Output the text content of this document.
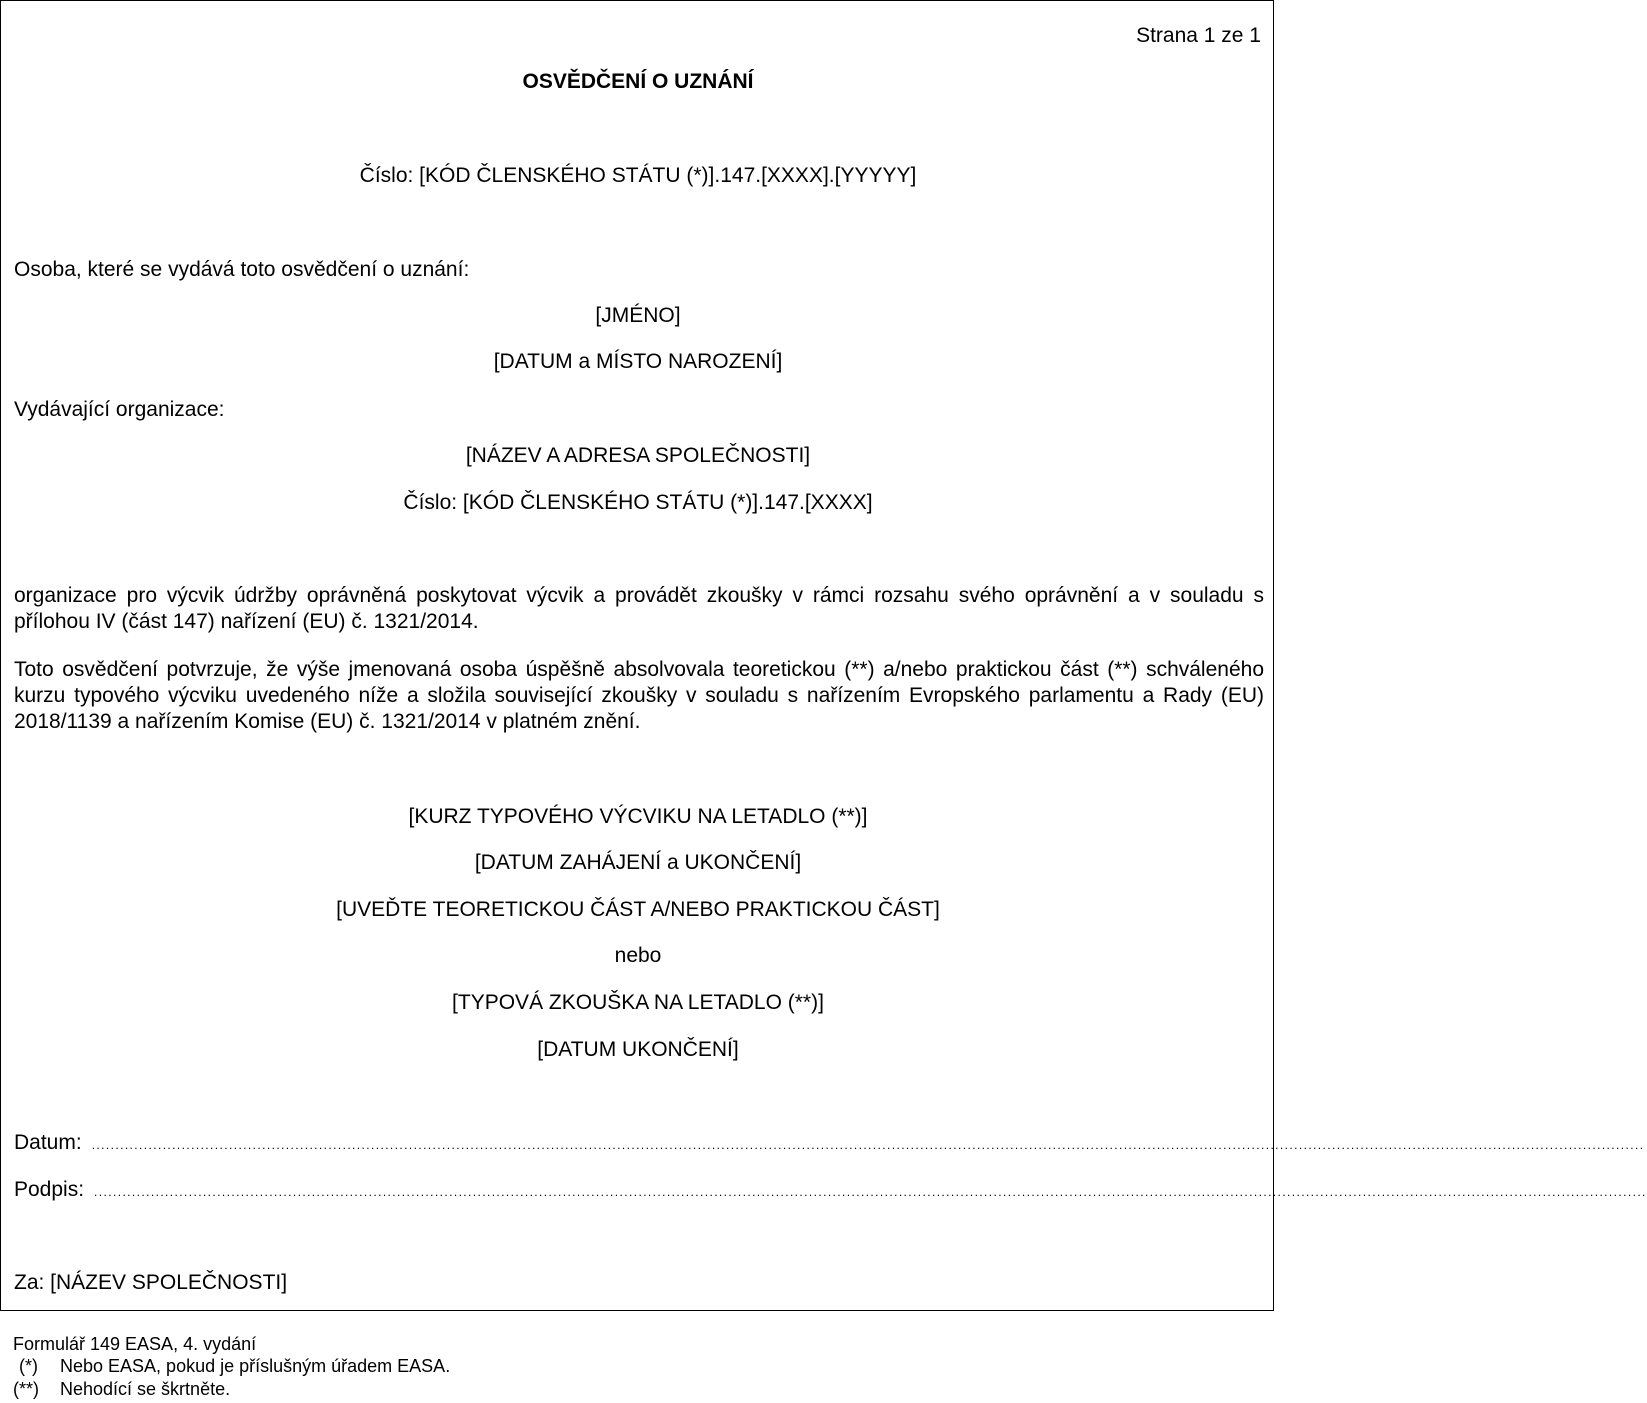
Strana 1 ze 1
OSVĚDČENÍ O UZNÁNÍ
Číslo: [KÓD ČLENSKÉHO STÁTU (*)].147.[XXXX].[YYYYY]
Osoba, které se vydává toto osvědčení o uznání:
[JMÉNO]
[DATUM a MÍSTO NAROZENÍ]
Vydávající organizace:
[NÁZEV A ADRESA SPOLEČNOSTI]
Číslo: [KÓD ČLENSKÉHO STÁTU (*)].147.[XXXX]
organizace pro výcvik údržby oprávněná poskytovat výcvik a provádět zkoušky v rámci rozsahu svého oprávnění a v souladu s přílohou IV (část 147) nařízení (EU) č. 1321/2014.
Toto osvědčení potvrzuje, že výše jmenovaná osoba úspěšně absolvovala teoretickou (**) a/nebo praktickou část (**) schváleného kurzu typového výcviku uvedeného níže a složila související zkoušky v souladu s nařízením Evropského parlamentu a Rady (EU) 2018/1139 a nařízením Komise (EU) č. 1321/2014 v platném znění.
[KURZ TYPOVÉHO VÝCVIKU NA LETADLO (**)]
[DATUM ZAHÁJENÍ a UKONČENÍ]
[UVEĎTE TEORETICKOU ČÁST A/NEBO PRAKTICKOU ČÁST]
nebo
[TYPOVÁ ZKOUŠKA NA LETADLO (**)]
[DATUM UKONČENÍ]
Datum: ........................................................................................................................................................................................................................................................................................................................................
Podpis: ........................................................................................................................................................................................................................................................................................................................................
Za: [NÁZEV SPOLEČNOSTI]
Formulář 149 EASA, 4. vydání
(*) Nebo EASA, pokud je příslušným úřadem EASA.
(**) Nehodící se škrtněte.
